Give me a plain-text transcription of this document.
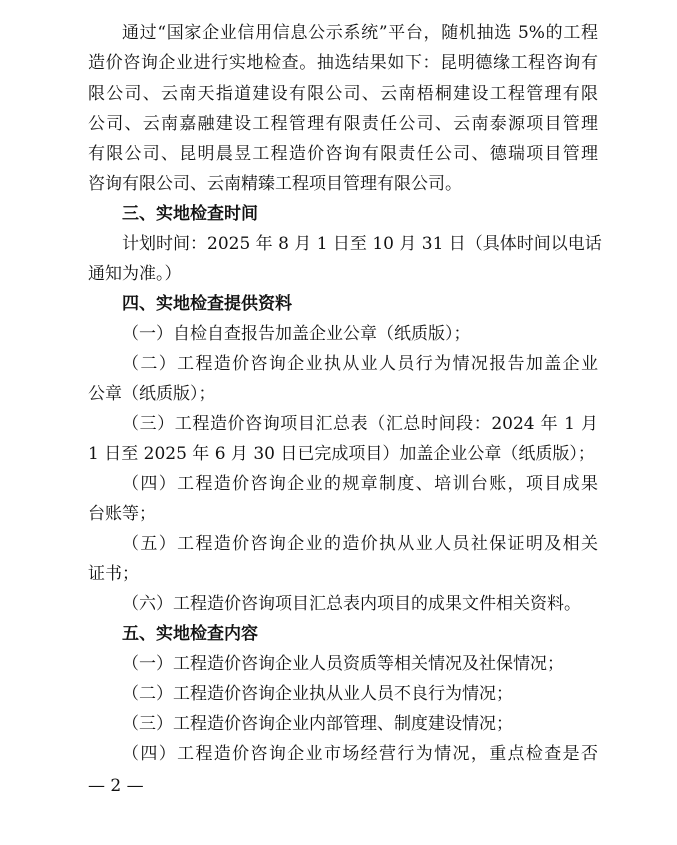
通过“国家企业信用信息公示系统”平台，随机抽选 5%的工程
造价咨询企业进行实地检查。抽选结果如下：昆明德缘工程咨询有
限公司、云南天指道建设有限公司、云南梧桐建设工程管理有限
公司、云南嘉融建设工程管理有限责任公司、云南泰源项目管理
有限公司、昆明晨昱工程造价咨询有限责任公司、德瑞项目管理
咨询有限公司、云南精臻工程项目管理有限公司。
三、实地检查时间
计划时间：2025 年 8 月 1 日至 10 月 31 日（具体时间以电话
通知为准。）
四、实地检查提供资料
（一）自检自查报告加盖企业公章（纸质版）；
（二）工程造价咨询企业执从业人员行为情况报告加盖企业
公章（纸质版）；
（三）工程造价咨询项目汇总表（汇总时间段：2024 年 1 月
1 日至 2025 年 6 月 30 日已完成项目）加盖企业公章（纸质版）；
（四）工程造价咨询企业的规章制度、培训台账，项目成果
台账等；
（五）工程造价咨询企业的造价执从业人员社保证明及相关
证书；
（六）工程造价咨询项目汇总表内项目的成果文件相关资料。
五、实地检查内容
（一）工程造价咨询企业人员资质等相关情况及社保情况；
（二）工程造价咨询企业执从业人员不良行为情况；
（三）工程造价咨询企业内部管理、制度建设情况；
（四）工程造价咨询企业市场经营行为情况，重点检查是否
— 2 —
